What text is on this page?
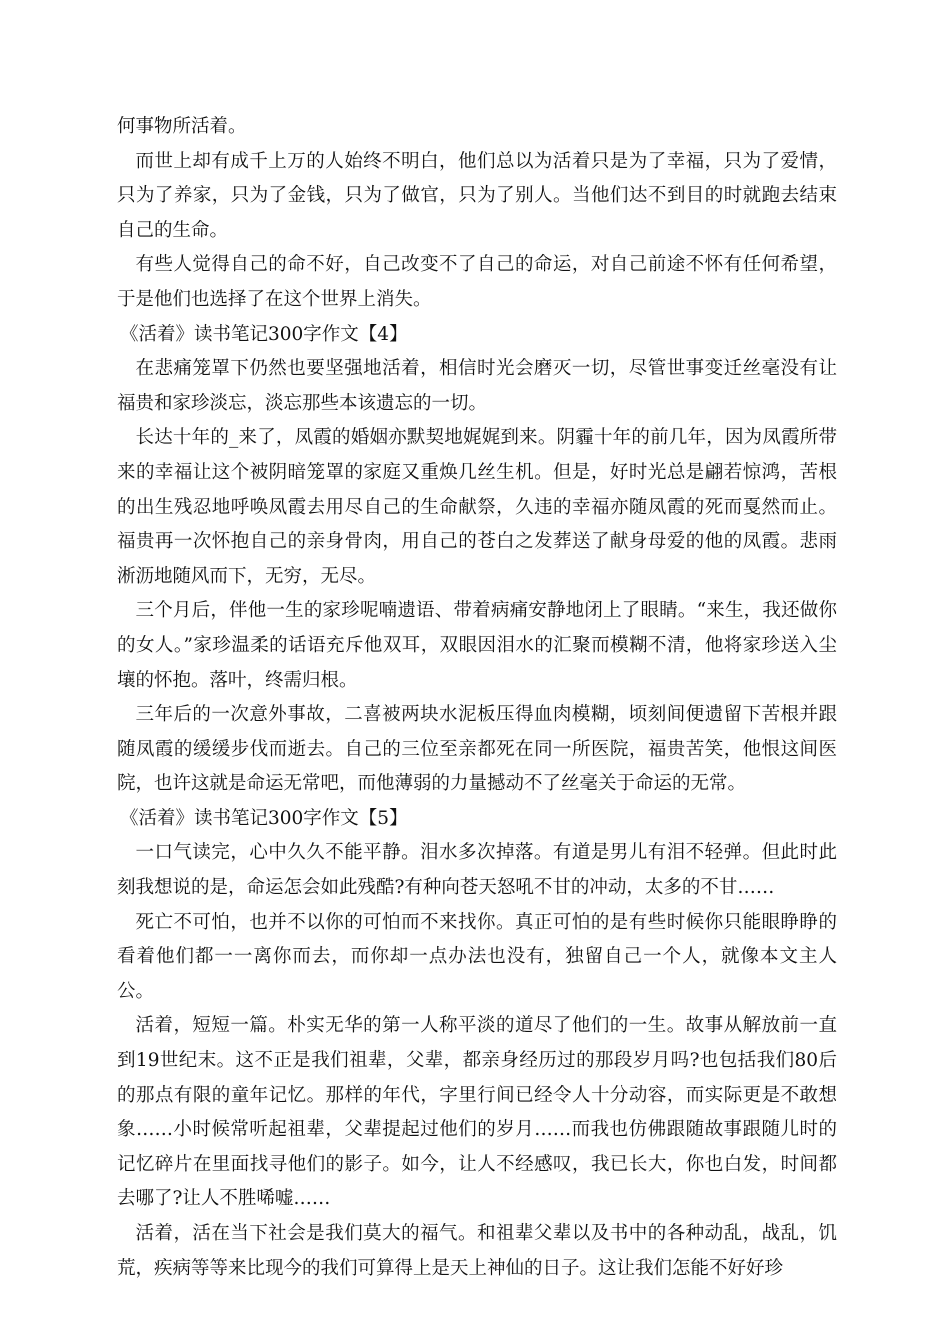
何事物所活着。

而世上却有成千上万的人始终不明白，他们总以为活着只是为了幸福，只为了爱情，只为了养家，只为了金钱，只为了做官，只为了别人。当他们达不到目的时就跑去结束自己的生命。

有些人觉得自己的命不好，自己改变不了自己的命运，对自己前途不怀有任何希望，于是他们也选择了在这个世界上消失。

《活着》读书笔记300字作文【4】

在悲痛笼罩下仍然也要坚强地活着，相信时光会磨灭一切，尽管世事变迁丝毫没有让福贵和家珍淡忘，淡忘那些本该遗忘的一切。

长达十年的_来了，凤霞的婚姻亦默契地娓娓到来。阴霾十年的前几年，因为凤霞所带来的幸福让这个被阴暗笼罩的家庭又重焕几丝生机。但是，好时光总是翩若惊鸿，苦根的出生残忍地呼唤凤霞去用尽自己的生命献祭，久违的幸福亦随凤霞的死而戛然而止。福贵再一次怀抱自己的亲身骨肉，用自己的苍白之发葬送了献身母爱的他的凤霞。悲雨淅沥地随风而下，无穷，无尽。

三个月后，伴他一生的家珍呢喃遗语、带着病痛安静地闭上了眼睛。“来生，我还做你的女人。”家珍温柔的话语充斥他双耳，双眼因泪水的汇聚而模糊不清，他将家珍送入尘壤的怀抱。落叶，终需归根。

三年后的一次意外事故，二喜被两块水泥板压得血肉模糊，顷刻间便遗留下苦根并跟随凤霞的缓缓步伐而逝去。自己的三位至亲都死在同一所医院，福贵苦笑，他恨这间医院，也许这就是命运无常吧，而他薄弱的力量撼动不了丝毫关于命运的无常。

《活着》读书笔记300字作文【5】

一口气读完，心中久久不能平静。泪水多次掉落。有道是男儿有泪不轻弹。但此时此刻我想说的是，命运怎会如此残酷?有种向苍天怒吼不甘的冲动，太多的不甘……

死亡不可怕，也并不以你的可怕而不来找你。真正可怕的是有些时候你只能眼睁睁的看着他们都一一离你而去，而你却一点办法也没有，独留自己一个人，就像本文主人公。

活着，短短一篇。朴实无华的第一人称平淡的道尽了他们的一生。故事从解放前一直到19世纪末。这不正是我们祖辈，父辈，都亲身经历过的那段岁月吗?也包括我们80后的那点有限的童年记忆。那样的年代，字里行间已经令人十分动容，而实际更是不敢想象……小时候常听起祖辈，父辈提起过他们的岁月……而我也仿佛跟随故事跟随儿时的记忆碎片在里面找寻他们的影子。如今，让人不经感叹，我已长大，你也白发，时间都去哪了?让人不胜唏嘘……

活着，活在当下社会是我们莫大的福气。和祖辈父辈以及书中的各种动乱，战乱，饥荒，疾病等等来比现今的我们可算得上是天上神仙的日子。这让我们怎能不好好珍
